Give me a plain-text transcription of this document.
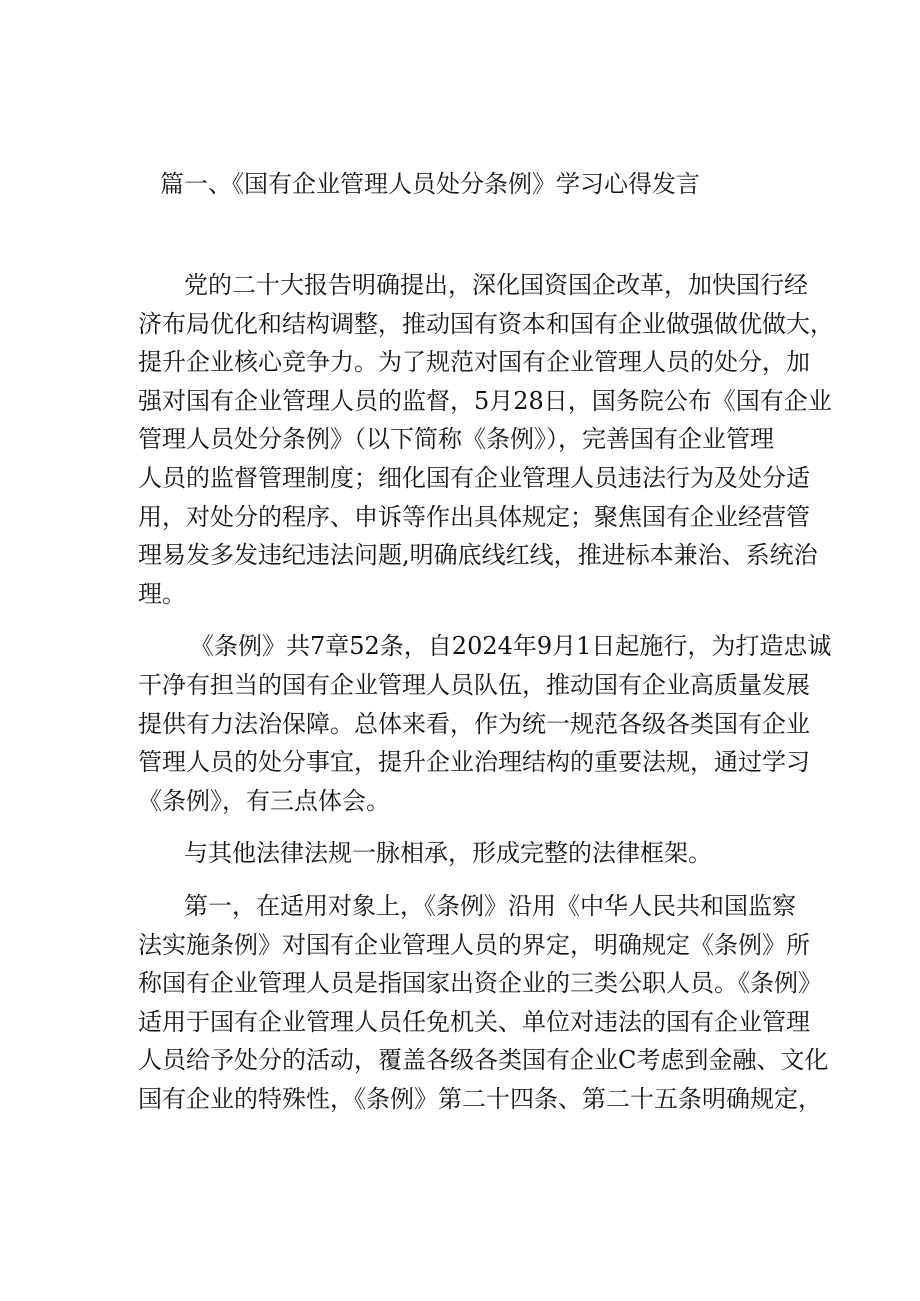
篇一、《国有企业管理人员处分条例》学习心得发言
党的二十大报告明确提出，深化国资国企改革，加快国行经
济布局优化和结构调整，推动国有资本和国有企业做强做优做大，
提升企业核心竞争力。为了规范对国有企业管理人员的处分，加
强对国有企业管理人员的监督，5月28日，国务院公布《国有企业
管理人员处分条例》（以下简称《条例》），完善国有企业管理
人员的监督管理制度；细化国有企业管理人员违法行为及处分适
用，对处分的程序、申诉等作出具体规定；聚焦国有企业经营管
理易发多发违纪违法问题,明确底线红线，推进标本兼治、系统治
理。
《条例》共7章52条，自2024年9月1日起施行，为打造忠诚
干净有担当的国有企业管理人员队伍，推动国有企业高质量发展
提供有力法治保障。总体来看，作为统一规范各级各类国有企业
管理人员的处分事宜，提升企业治理结构的重要法规，通过学习
《条例》，有三点体会。
与其他法律法规一脉相承，形成完整的法律框架。
第一，在适用对象上，《条例》沿用《中华人民共和国监察
法实施条例》对国有企业管理人员的界定，明确规定《条例》所
称国有企业管理人员是指国家出资企业的三类公职人员。《条例》
适用于国有企业管理人员任免机关、单位对违法的国有企业管理
人员给予处分的活动，覆盖各级各类国有企业C考虑到金融、文化
国有企业的特殊性，《条例》第二十四条、第二十五条明确规定，
